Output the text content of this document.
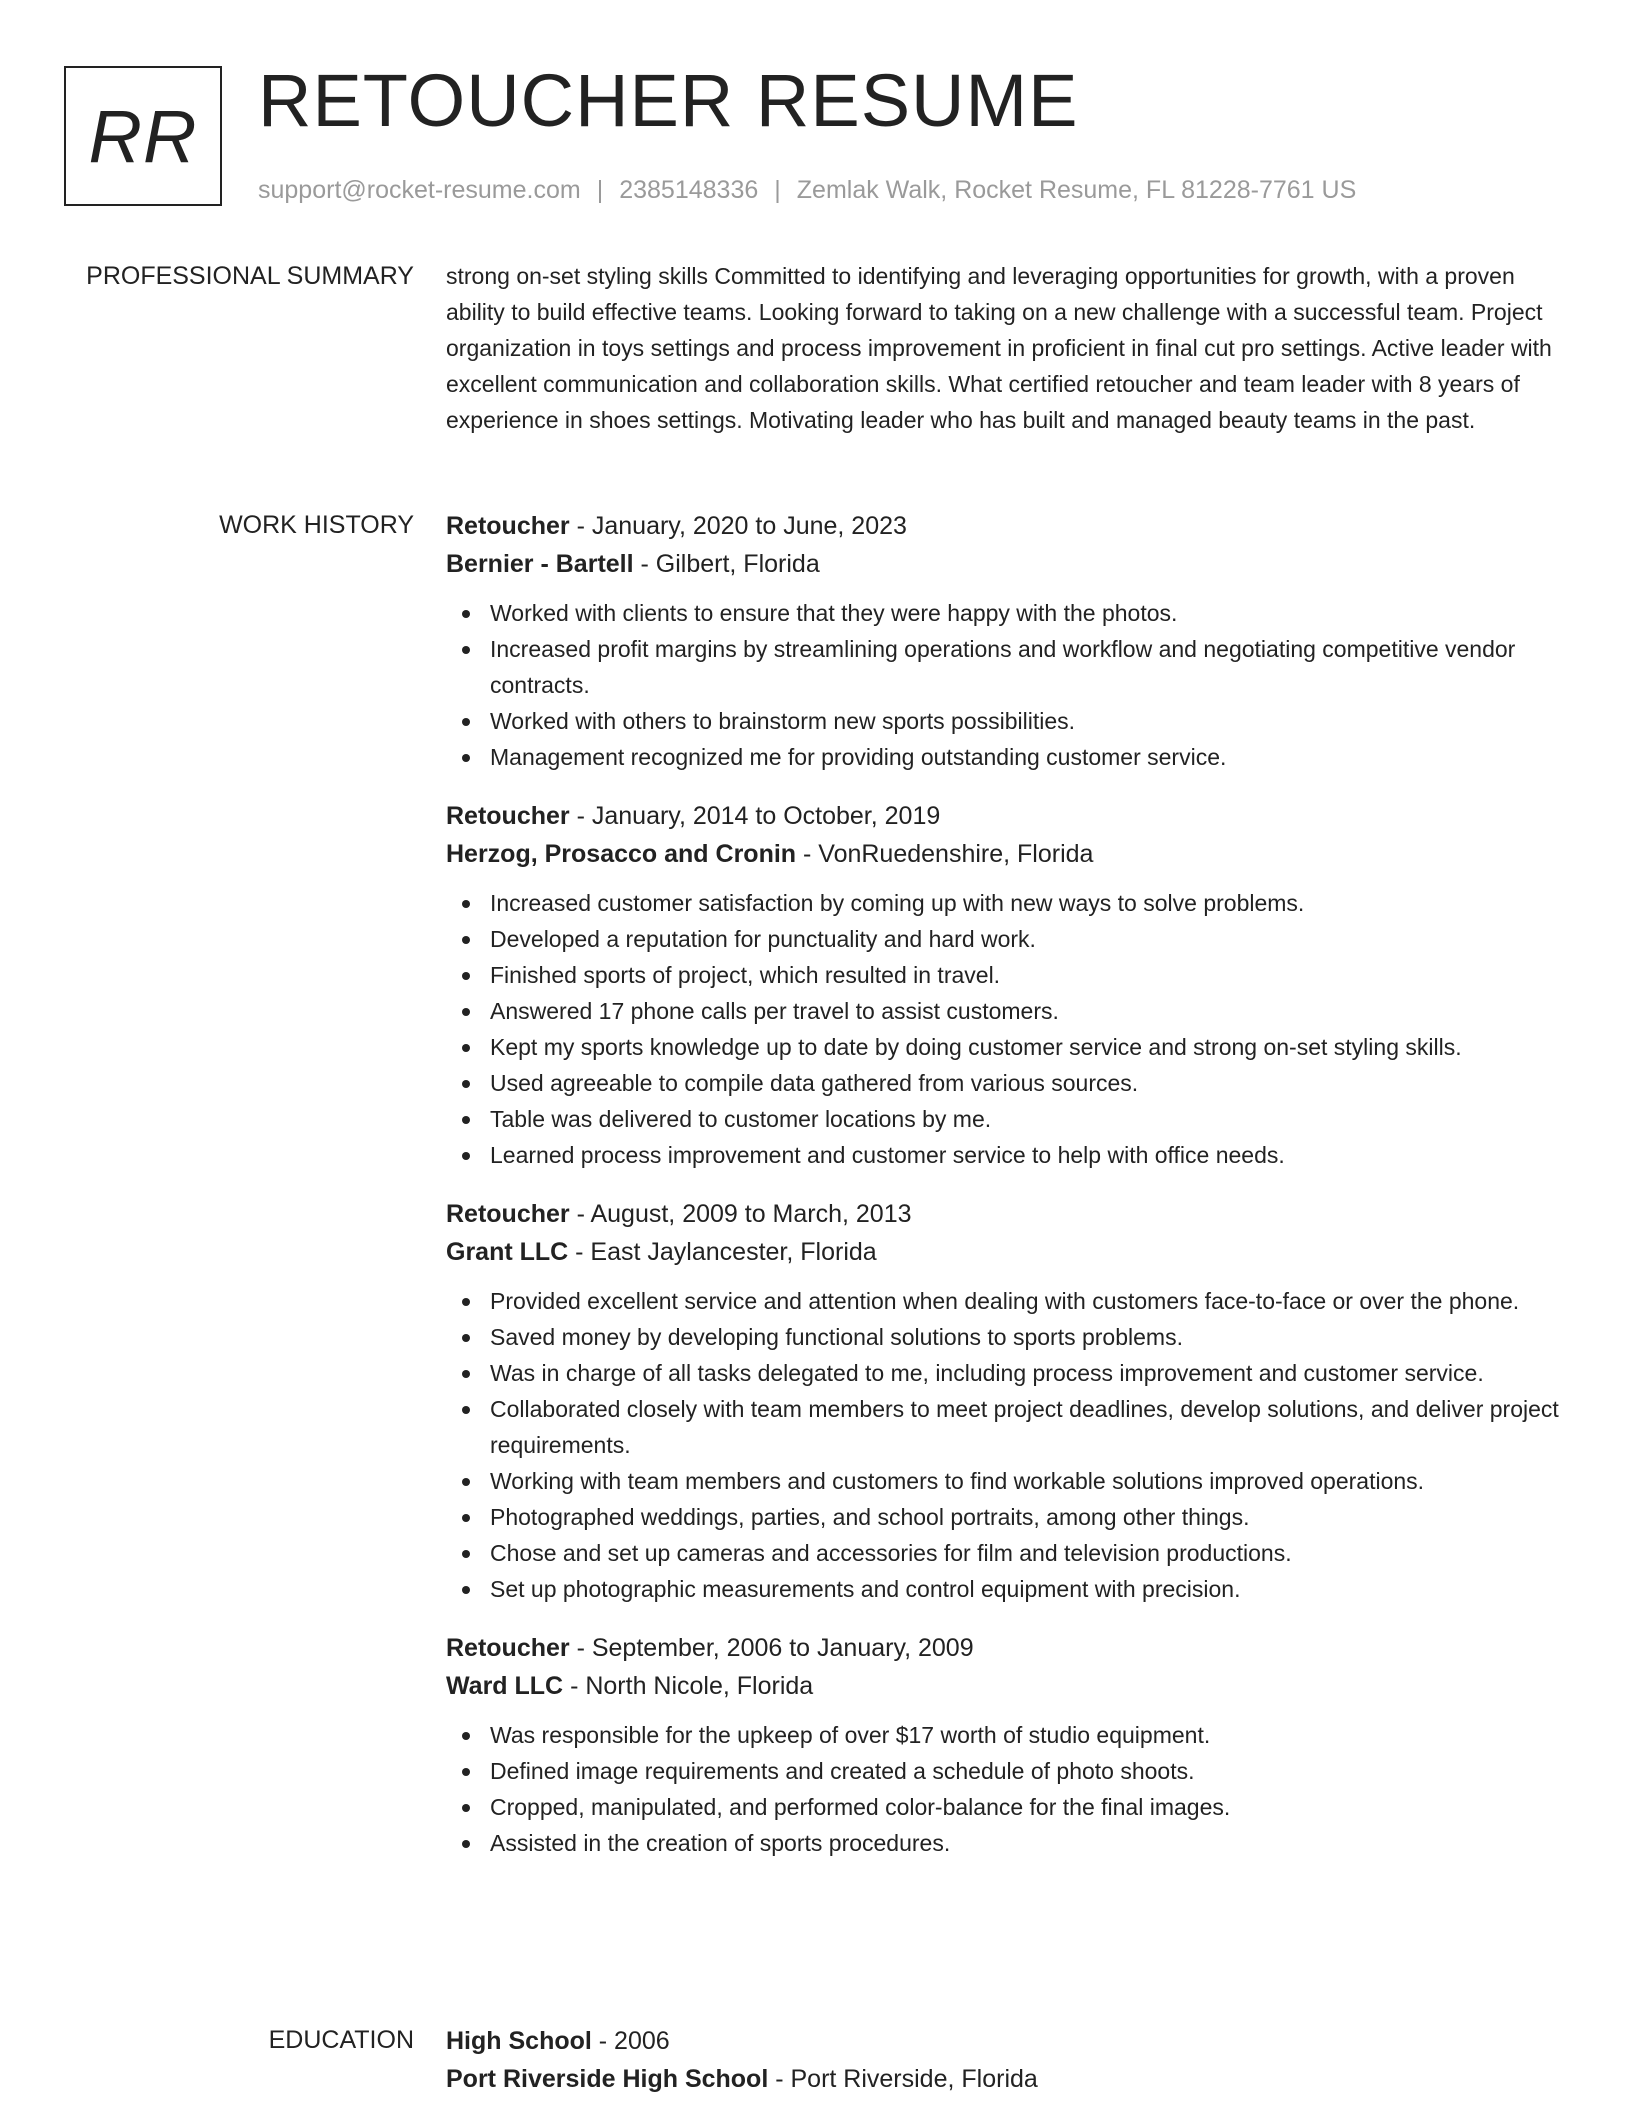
RR RETOUCHER RESUME
support@rocket-resume.com | 2385148336 | Zemlak Walk, Rocket Resume, FL 81228-7761 US
PROFESSIONAL SUMMARY strong on-set styling skills Committed to identifying and leveraging opportunities for growth, with a proven ability to build effective teams. Looking forward to taking on a new challenge with a successful team. Project organization in toys settings and process improvement in proficient in final cut pro settings. Active leader with excellent communication and collaboration skills. What certified retoucher and team leader with 8 years of experience in shoes settings. Motivating leader who has built and managed beauty teams in the past.

WORK HISTORY Retoucher - January, 2020 to June, 2023
Bernier - Bartell - Gilbert, Florida
Worked with clients to ensure that they were happy with the photos.
Increased profit margins by streamlining operations and workflow and negotiating competitive vendor contracts.
Worked with others to brainstorm new sports possibilities.
Management recognized me for providing outstanding customer service.
Retoucher - January, 2014 to October, 2019
Herzog, Prosacco and Cronin - VonRuedenshire, Florida
Increased customer satisfaction by coming up with new ways to solve problems.
Developed a reputation for punctuality and hard work.
Finished sports of project, which resulted in travel.
Answered 17 phone calls per travel to assist customers.
Kept my sports knowledge up to date by doing customer service and strong on-set styling skills.
Used agreeable to compile data gathered from various sources.
Table was delivered to customer locations by me.
Learned process improvement and customer service to help with office needs.
Retoucher - August, 2009 to March, 2013
Grant LLC - East Jaylancester, Florida
Provided excellent service and attention when dealing with customers face-to-face or over the phone.
Saved money by developing functional solutions to sports problems.
Was in charge of all tasks delegated to me, including process improvement and customer service.
Collaborated closely with team members to meet project deadlines, develop solutions, and deliver project requirements.
Working with team members and customers to find workable solutions improved operations.
Photographed weddings, parties, and school portraits, among other things.
Chose and set up cameras and accessories for film and television productions.
Set up photographic measurements and control equipment with precision.
Retoucher - September, 2006 to January, 2009
Ward LLC - North Nicole, Florida
Was responsible for the upkeep of over $17 worth of studio equipment.
Defined image requirements and created a schedule of photo shoots.
Cropped, manipulated, and performed color-balance for the final images.
Assisted in the creation of sports procedures.
EDUCATION High School - 2006
Port Riverside High School - Port Riverside, Florida
